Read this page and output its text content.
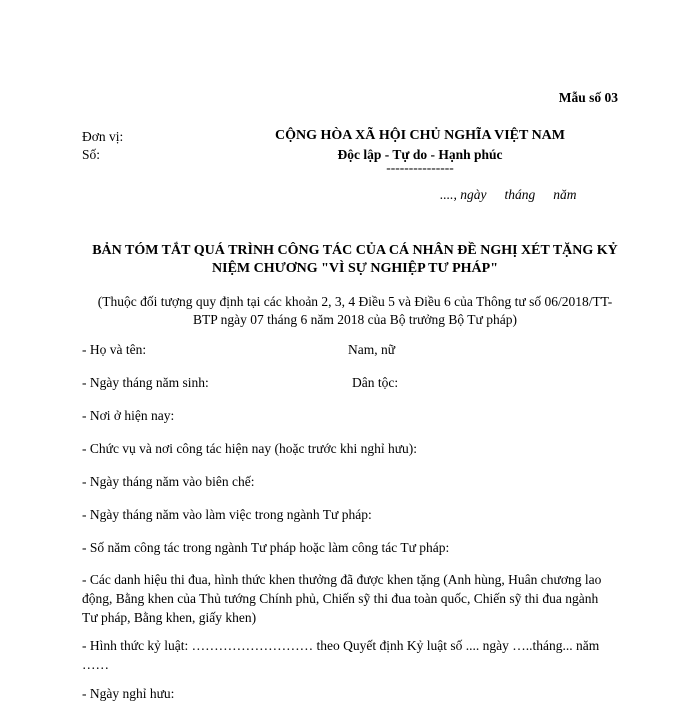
Mẫu số 03
Đơn vị:
Số:
CỘNG HÒA XÃ HỘI CHỦ NGHĨA VIỆT NAM
Độc lập - Tự do - Hạnh phúc
---------------
...., ngày tháng năm
BẢN TÓM TẮT QUÁ TRÌNH CÔNG TÁC CỦA CÁ NHÂN ĐỀ NGHỊ XÉT TẶNG KỶ
NIỆM CHƯƠNG "VÌ SỰ NGHIỆP TƯ PHÁP"
(Thuộc đối tượng quy định tại các khoản 2, 3, 4 Điều 5 và Điều 6 của Thông tư số 06/2018/TT-
BTP ngày 07 tháng 6 năm 2018 của Bộ trưởng Bộ Tư pháp)
- Họ và tên:	Nam, nữ
- Ngày tháng năm sinh:	Dân tộc:
- Nơi ở hiện nay:
- Chức vụ và nơi công tác hiện nay (hoặc trước khi nghỉ hưu):
- Ngày tháng năm vào biên chế:
- Ngày tháng năm vào làm việc trong ngành Tư pháp:
- Số năm công tác trong ngành Tư pháp hoặc làm công tác Tư pháp:
- Các danh hiệu thi đua, hình thức khen thưởng đã được khen tặng (Anh hùng, Huân chương lao
động, Bằng khen của Thủ tướng Chính phủ, Chiến sỹ thi đua toàn quốc, Chiến sỹ thi đua ngành
Tư pháp, Bằng khen, giấy khen)
- Hình thức kỷ luật: ……………………… theo Quyết định Kỷ luật số .... ngày …..tháng... năm
……
- Ngày nghỉ hưu:
